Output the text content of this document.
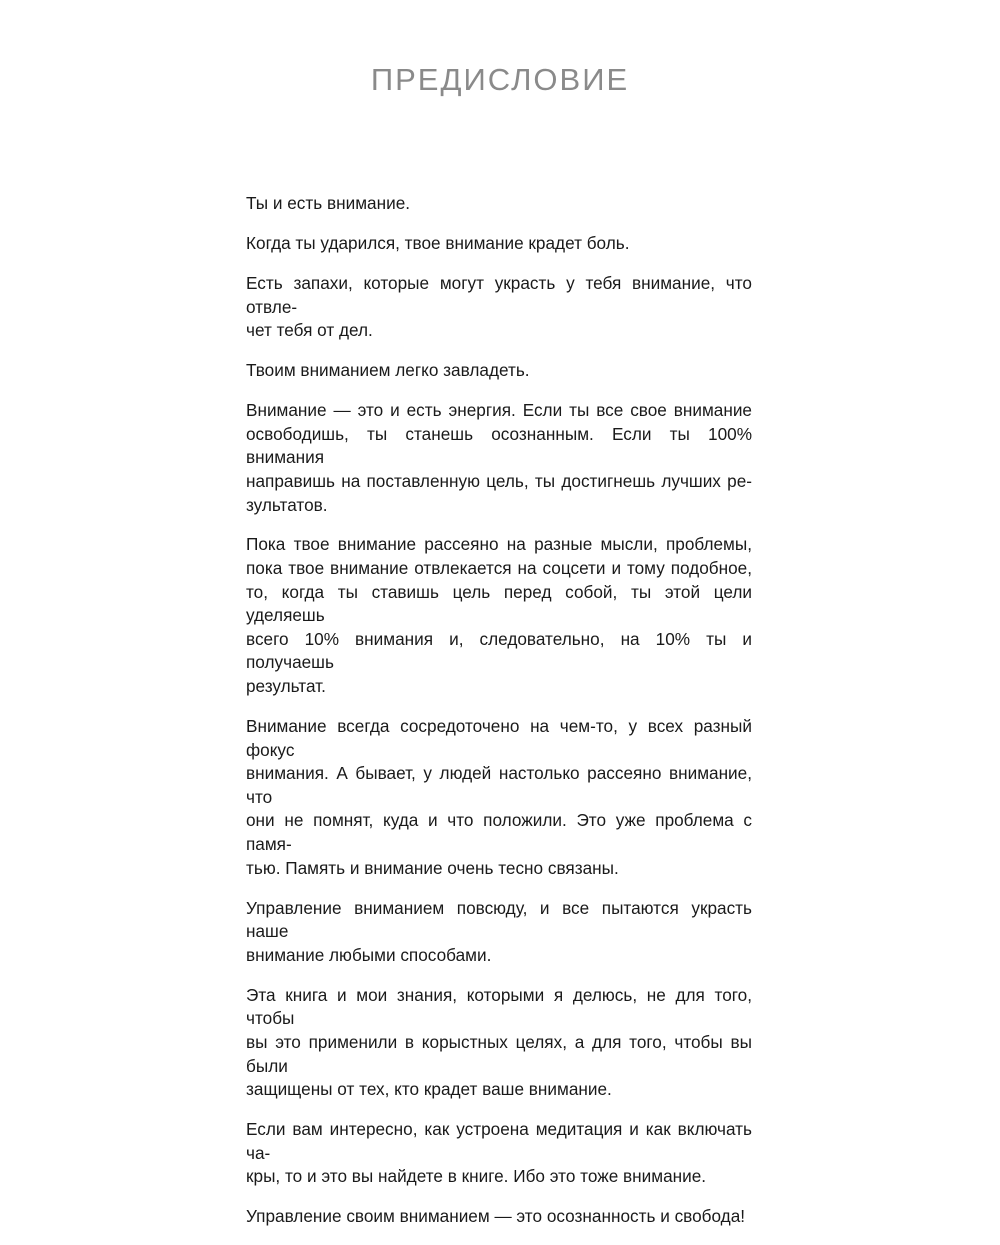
ПРЕДИСЛОВИЕ

Ты и есть внимание.

Когда ты ударился, твое внимание крадет боль.

Есть запахи, которые могут украсть у тебя внимание, что отвле-
чет тебя от дел.

Твоим вниманием легко завладеть.

Внимание — это и есть энергия. Если ты все свое внимание
освободишь, ты станешь осознанным. Если ты 100% внимания
направишь на поставленную цель, ты достигнешь лучших ре-
зультатов.

Пока твое внимание рассеяно на разные мысли, проблемы,
пока твое внимание отвлекается на соцсети и тому подобное,
то, когда ты ставишь цель перед собой, ты этой цели уделяешь
всего 10% внимания и, следовательно, на 10% ты и получаешь
результат.

Внимание всегда сосредоточено на чем-то, у всех разный фокус
внимания. А бывает, у людей настолько рассеяно внимание, что
они не помнят, куда и что положили. Это уже проблема с памя-
тью. Память и внимание очень тесно связаны.

Управление вниманием повсюду, и все пытаются украсть наше
внимание любыми способами.

Эта книга и мои знания, которыми я делюсь, не для того, чтобы
вы это применили в корыстных целях, а для того, чтобы вы были
защищены от тех, кто крадет ваше внимание.

Если вам интересно, как устроена медитация и как включать ча-
кры, то и это вы найдете в книге. Ибо это тоже внимание.

Управление своим вниманием — это осознанность и свобода!
